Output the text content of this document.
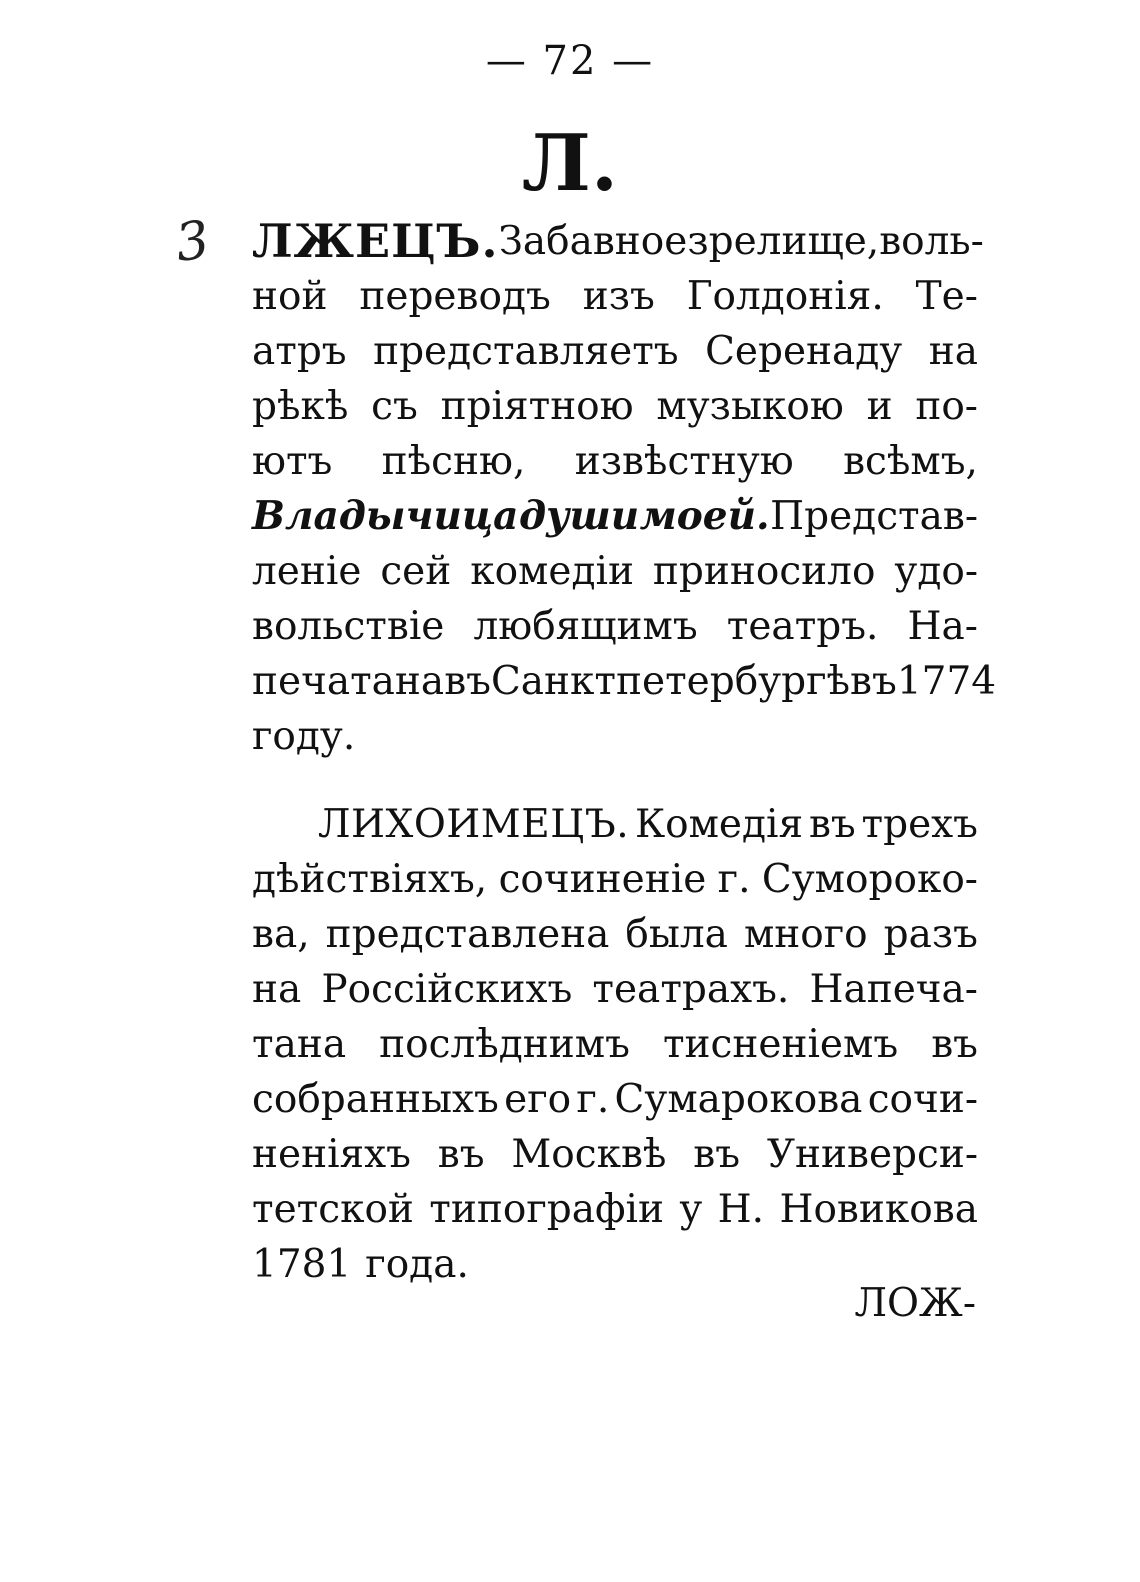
— 72 —
Л.
3 ЛЖЕЦЪ. Забавное зрелище, воль-
ной переводъ изъ Голдонія. Те-
атръ представляетъ Серенаду на
рѣкѣ съ пріятною музыкою и по-
ютъ пѣсню, извѣстную всѣмъ,
Владычица души моей. Представ-
леніе сей комедіи приносило удо-
вольствіе любящимъ театръ. На-
печатана въ Санктпетербургѣ въ 1774
году.
ЛИХОИМЕЦЪ. Комедія въ трехъ
дѣйствіяхъ, сочиненіе г. Сумороко-
ва, представлена была много разъ
на Россійскихъ театрахъ. Напеча-
тана послѣднимъ тисненіемъ въ
собранныхъ его г. Сумарокова сочи-
неніяхъ въ Москвѣ въ Универси-
тетской типографіи у Н. Новикова
1781 года.
ЛОЖ-
